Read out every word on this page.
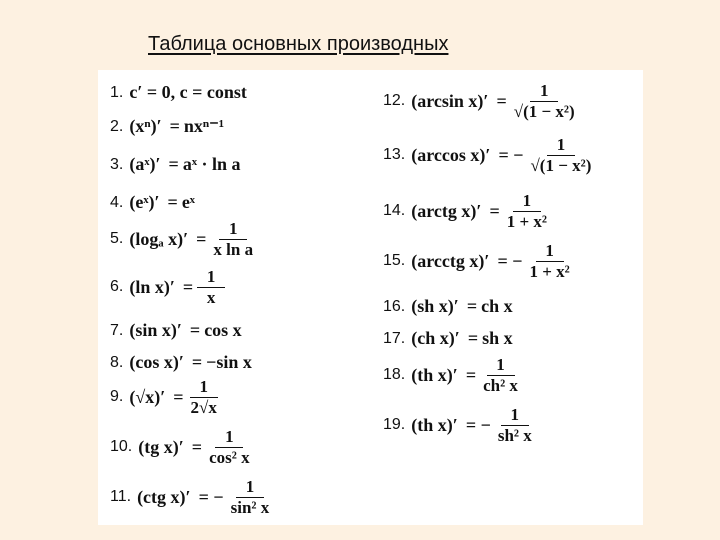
Таблица основных производных
1. c′ = 0, c = const
2. (xⁿ)′ = nxⁿ⁻¹
3. (aˣ)′ = aˣ · ln a
4. (eˣ)′ = eˣ
5. (logₐ $x)' = \frac{1}{\text{x ln a}}$
6. (ln $x)' = \frac{1}{x}$
7. (sin x)′ = cos x
8. (cos x)′ = −sin x
9. $(√x)' = \frac{1}{2√x}$
10. (tg $x)' = \frac{1}{\text{cos² x}}$
11. (ctg x)′ = − $\frac{1}{\text{sin² x}}$
12. (arcsin $x)' = \frac{1}{\text{√(1 − x²)}}$
13. (arccos x)′ = − $\frac{1}{\text{√(1 − x²)}}$
14. (arctg $x)' = \frac{1}{\text{1 + x²}}$
15. (arcctg x)′ = − $\frac{1}{\text{1 + x²}}$
16. (sh x)′ = ch x
17. (ch x)′ = sh x
18. (th $x)' = \frac{1}{\text{ch² x}}$
19. (th x)′ = − $\frac{1}{\text{sh² x}}$
